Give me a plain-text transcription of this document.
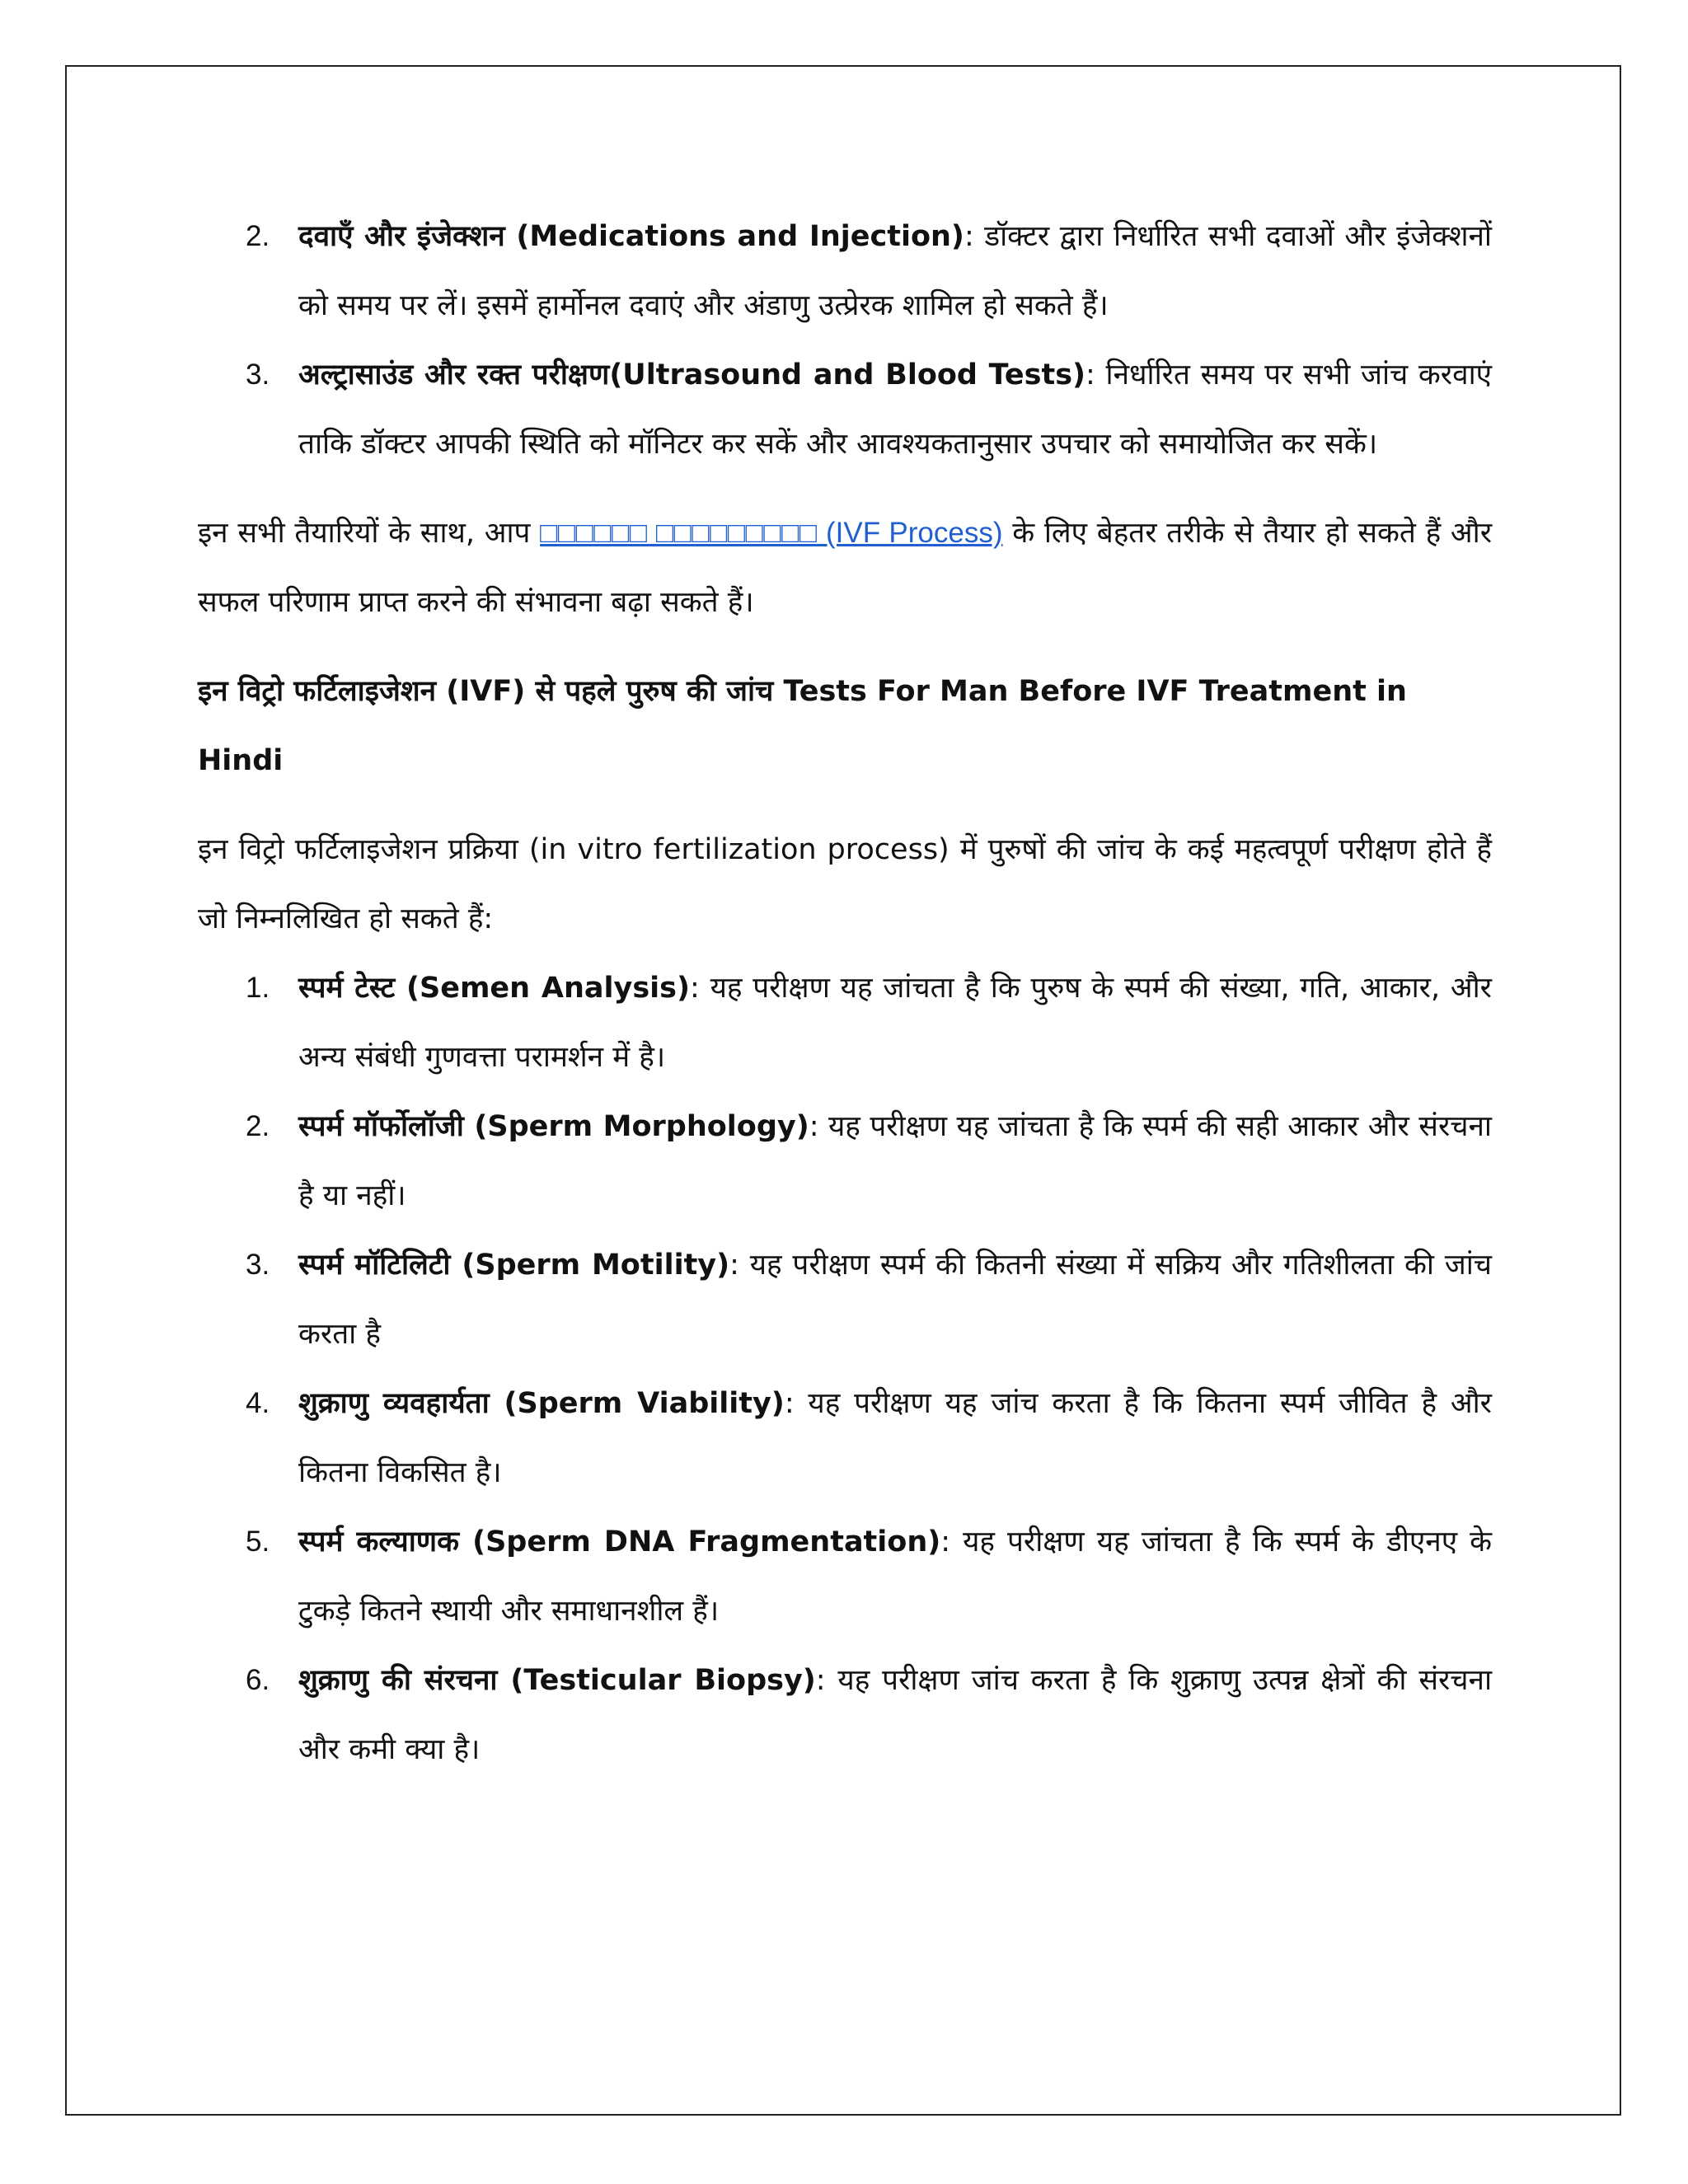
2. दवाएँ और इंजेक्शन (Medications and Injection): डॉक्टर द्वारा निर्धारित सभी दवाओं और इंजेक्शनों को समय पर लें। इसमें हार्मोनल दवाएं और अंडाणु उत्प्रेरक शामिल हो सकते हैं।
3. अल्ट्रासाउंड और रक्त परीक्षण(Ultrasound and Blood Tests): निर्धारित समय पर सभी जांच करवाएं ताकि डॉक्टर आपकी स्थिति को मॉनिटर कर सकें और आवश्यकतानुसार उपचार को समायोजित कर सकें।
इन सभी तैयारियों के साथ, आप □□□□□□ □□□□□□□□□ (IVF Process) के लिए बेहतर तरीके से तैयार हो सकते हैं और सफल परिणाम प्राप्त करने की संभावना बढ़ा सकते हैं।
इन विट्रो फर्टिलाइजेशन (IVF) से पहले पुरुष की जांच Tests For Man Before IVF Treatment in Hindi
इन विट्रो फर्टिलाइजेशन प्रक्रिया (in vitro fertilization process) में पुरुषों की जांच के कई महत्वपूर्ण परीक्षण होते हैं जो निम्नलिखित हो सकते हैं:
1. स्पर्म टेस्ट (Semen Analysis): यह परीक्षण यह जांचता है कि पुरुष के स्पर्म की संख्या, गति, आकार, और अन्य संबंधी गुणवत्ता परामर्शन में है।
2. स्पर्म मॉर्फोलॉजी (Sperm Morphology): यह परीक्षण यह जांचता है कि स्पर्म की सही आकार और संरचना है या नहीं।
3. स्पर्म मॉटिलिटी (Sperm Motility): यह परीक्षण स्पर्म की कितनी संख्या में सक्रिय और गतिशीलता की जांच करता है
4. शुक्राणु व्यवहार्यता (Sperm Viability): यह परीक्षण यह जांच करता है कि कितना स्पर्म जीवित है और कितना विकसित है।
5. स्पर्म कल्याणक (Sperm DNA Fragmentation): यह परीक्षण यह जांचता है कि स्पर्म के डीएनए के टुकड़े कितने स्थायी और समाधानशील हैं।
6. शुक्राणु की संरचना (Testicular Biopsy): यह परीक्षण जांच करता है कि शुक्राणु उत्पन्न क्षेत्रों की संरचना और कमी क्या है।
